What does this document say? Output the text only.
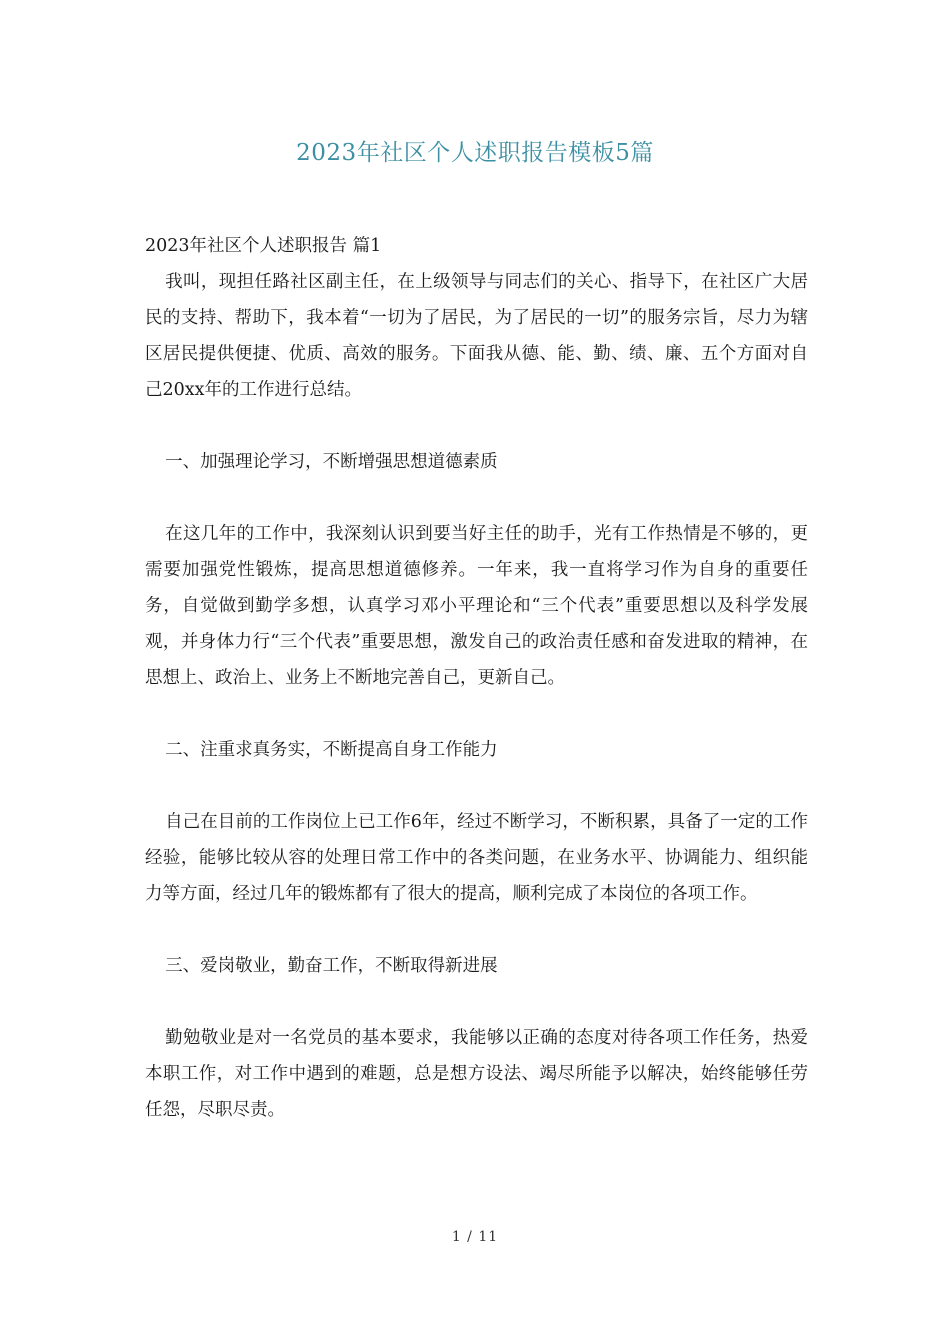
2023年社区个人述职报告模板5篇

2023年社区个人述职报告 篇1

我叫，现担任路社区副主任，在上级领导与同志们的关心、指导下，在社区广大居民的支持、帮助下，我本着“一切为了居民，为了居民的一切”的服务宗旨，尽力为辖区居民提供便捷、优质、高效的服务。下面我从德、能、勤、绩、廉、五个方面对自己20xx年的工作进行总结。

一、加强理论学习，不断增强思想道德素质

在这几年的工作中，我深刻认识到要当好主任的助手，光有工作热情是不够的，更需要加强党性锻炼，提高思想道德修养。一年来，我一直将学习作为自身的重要任务，自觉做到勤学多想，认真学习邓小平理论和“三个代表”重要思想以及科学发展观，并身体力行“三个代表”重要思想，激发自己的政治责任感和奋发进取的精神，在思想上、政治上、业务上不断地完善自己，更新自己。

二、注重求真务实，不断提高自身工作能力

自己在目前的工作岗位上已工作6年，经过不断学习，不断积累，具备了一定的工作经验，能够比较从容的处理日常工作中的各类问题，在业务水平、协调能力、组织能力等方面，经过几年的锻炼都有了很大的提高，顺利完成了本岗位的各项工作。

三、爱岗敬业，勤奋工作，不断取得新进展

勤勉敬业是对一名党员的基本要求，我能够以正确的态度对待各项工作任务，热爱本职工作，对工作中遇到的难题，总是想方设法、竭尽所能予以解决，始终能够任劳任怨，尽职尽责。

1 / 11
